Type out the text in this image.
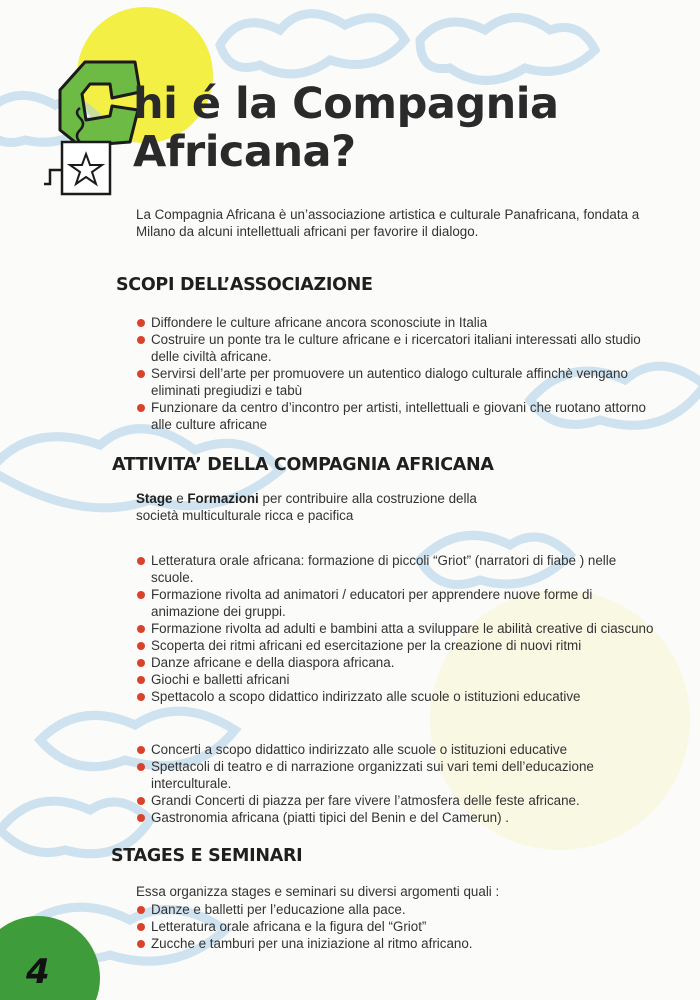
hi é la Compagnia
Africana?

La Compagnia Africana è un’associazione artistica e culturale Panafricana, fondata a Milano da alcuni intellettuali africani per favorire il dialogo.

SCOPI DELL’ASSOCIAZIONE
Diffondere le culture africane ancora sconosciute in Italia
Costruire un ponte tra le culture africane e i ricercatori italiani interessati allo studio delle civiltà africane.
Servirsi dell’arte per promuovere un autentico dialogo culturale affinchè vengano eliminati pregiudizi e tabù
Funzionare da centro d’incontro per artisti, intellettuali e giovani che ruotano attorno alle culture africane
ATTIVITA’ DELLA COMPAGNIA AFRICANA

Stage e Formazioni per contribuire alla costruzione della società multiculturale ricca e pacifica

Letteratura orale africana: formazione di piccoli “Griot” (narratori di fiabe ) nelle scuole.
Formazione rivolta ad animatori / educatori per apprendere nuove forme di animazione dei gruppi.
Formazione rivolta ad adulti e bambini atta a sviluppare le abilità creative di ciascuno
Scoperta dei ritmi africani ed esercitazione per la creazione di nuovi ritmi
Danze africane e della diaspora africana.
Giochi e balletti africani
Spettacolo a scopo didattico indirizzato alle scuole o istituzioni educative
Concerti a scopo didattico indirizzato alle scuole o istituzioni educative
Spettacoli di teatro e di narrazione organizzati sui vari temi dell’educazione interculturale.
Grandi Concerti di piazza per fare vivere l’atmosfera delle feste africane.
Gastronomia africana (piatti tipici del Benin e del Camerun) .
STAGES E SEMINARI

Essa organizza stages e seminari su diversi argomenti quali :

Danze e balletti per l’educazione alla pace.
Letteratura orale africana e la figura del “Griot”
Zucche e tamburi per una iniziazione al ritmo africano.
4
